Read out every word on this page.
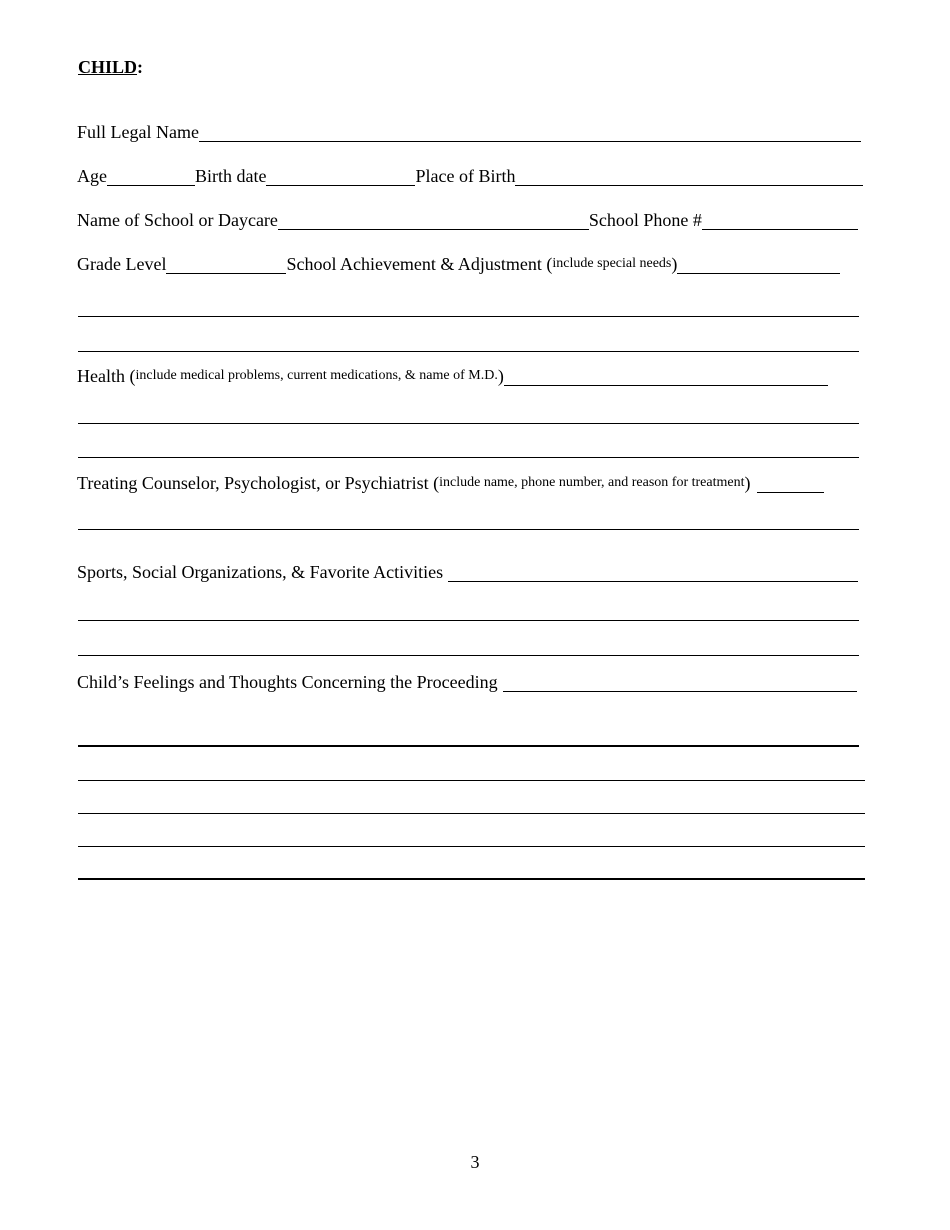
CHILD:
Full Legal Name
Age	Birth date	Place of Birth
Name of School or Daycare	School Phone #
Grade Level	School Achievement & Adjustment ( include special needs )
Health ( include medical problems, current medications, & name of M.D. )
Treating Counselor, Psychologist, or Psychiatrist ( include name, phone number, and reason for treatment )
Sports, Social Organizations, & Favorite Activities
Child’s Feelings and Thoughts Concerning the Proceeding
3
